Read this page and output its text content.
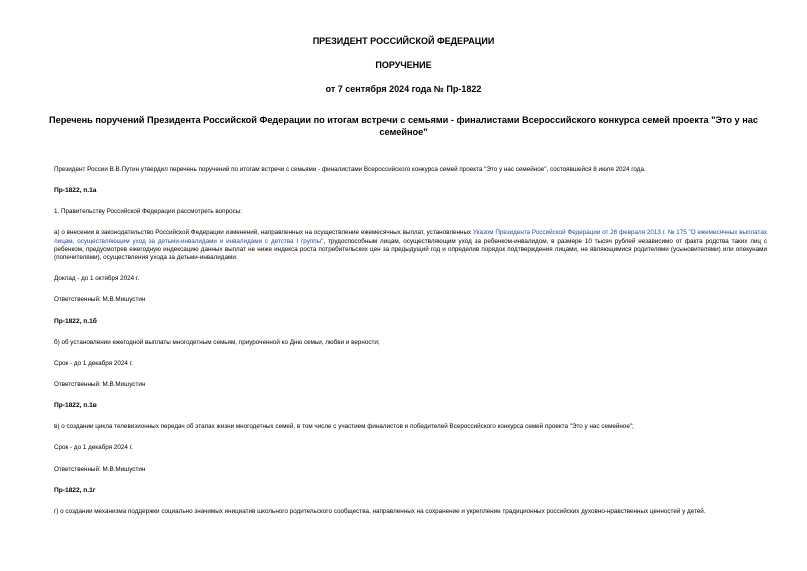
ПРЕЗИДЕНТ РОССИЙСКОЙ ФЕДЕРАЦИИ
ПОРУЧЕНИЕ
от 7 сентября 2024 года № Пр-1822
Перечень поручений Президента Российской Федерации по итогам встречи с семьями - финалистами Всероссийского конкурса семей проекта "Это у нас семейное"
Президент России В.В.Путин утвердил перечень поручений по итогам встречи с семьями - финалистами Всероссийского конкурса семей проекта "Это у нас семейное", состоявшейся 8 июля 2024 года.
Пр-1822, п.1а
1. Правительству Российской Федерации рассмотреть вопросы:
а) о внесении в законодательство Российской Федерации изменений, направленных на осуществление ежемесячных выплат, установленных Указом Президента Российской Федерации от 26 февраля 2013 г. № 175 "О ежемесячных выплатах лицам, осуществляющим уход за детьми-инвалидами и инвалидами с детства I группы", трудоспособным лицам, осуществляющим уход за ребенком-инвалидом, в размере 10 тысяч рублей независимо от факта родства таких лиц с ребенком, предусмотрев ежегодную индексацию данных выплат не ниже индекса роста потребительских цен за предыдущий год и определив порядок подтверждения лицами, не являющимися родителями (усыновителями) или опекунами (попечителями), осуществления ухода за детьми-инвалидами.
Доклад - до 1 октября 2024 г.
Ответственный: М.В.Мишустин
Пр-1822, п.1б
б) об установлении ежегодной выплаты многодетным семьям, приуроченной ко Дню семьи, любви и верности;
Срок - до 1 декабря 2024 г.
Ответственный: М.В.Мишустин
Пр-1822, п.1в
в) о создании цикла телевизионных передач об этапах жизни многодетных семей, в том числе с участием финалистов и победителей Всероссийского конкурса семей проекта "Это у нас семейное";
Срок - до 1 декабря 2024 г.
Ответственный: М.В.Мишустин
Пр-1822, п.1г
г) о создании механизма поддержки социально значимых инициатив школьного родительского сообщества, направленных на сохранение и укрепление традиционных российских духовно-нравственных ценностей у детей.
